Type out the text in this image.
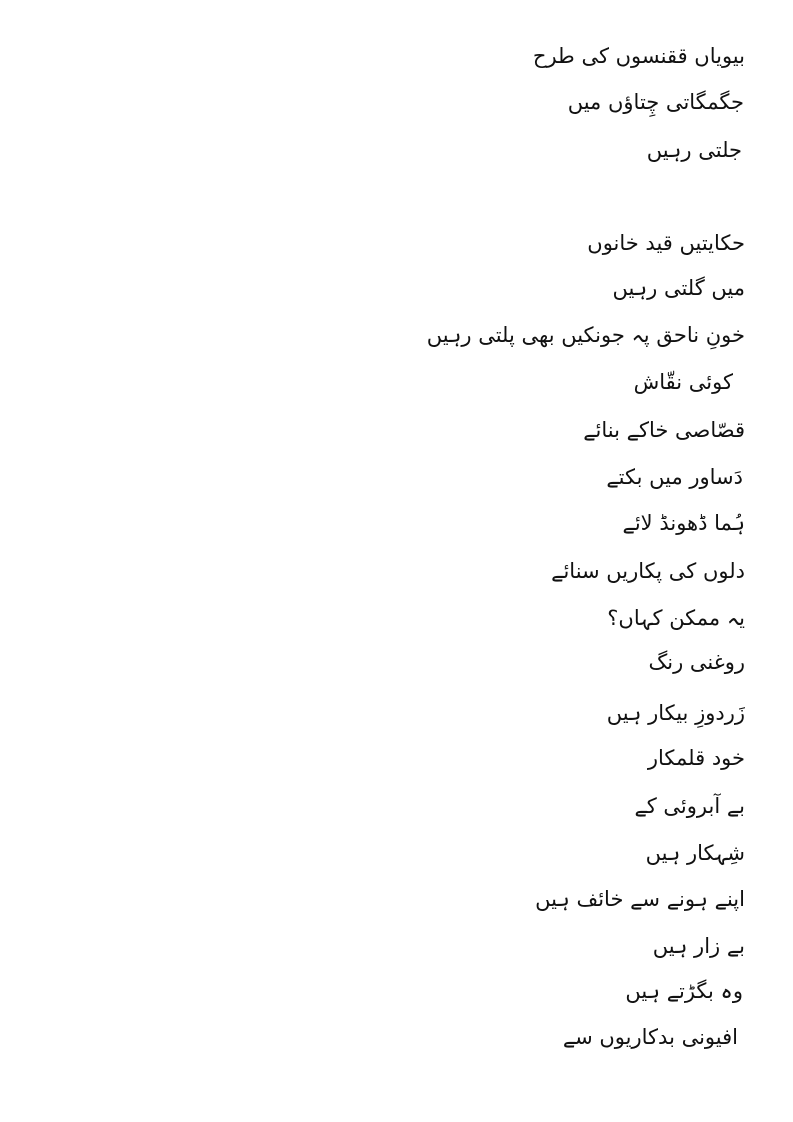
بیویاں ققنسوں کی طرح
جگمگاتی چِتاؤں میں
جلتی رہیں
حکایتیں قید خانوں
میں گلتی رہیں
خونِ ناحق پہ جونکیں بھی پلتی رہیں
کوئی نقّاش
قصّاصی خاکے بنائے
دَساور میں بکتے
ہُما ڈھونڈ لائے
دلوں کی پکاریں سنائے
یہ ممکن کہاں؟
روغنی رنگ
زَردوزِ بیکار ہیں
خود قلمکار
بے آبروئی کے
شِہکار ہیں
اپنے ہونے سے خائف ہیں
بے زار ہیں
وہ بگڑتے ہیں
افیونی بدکاریوں سے
